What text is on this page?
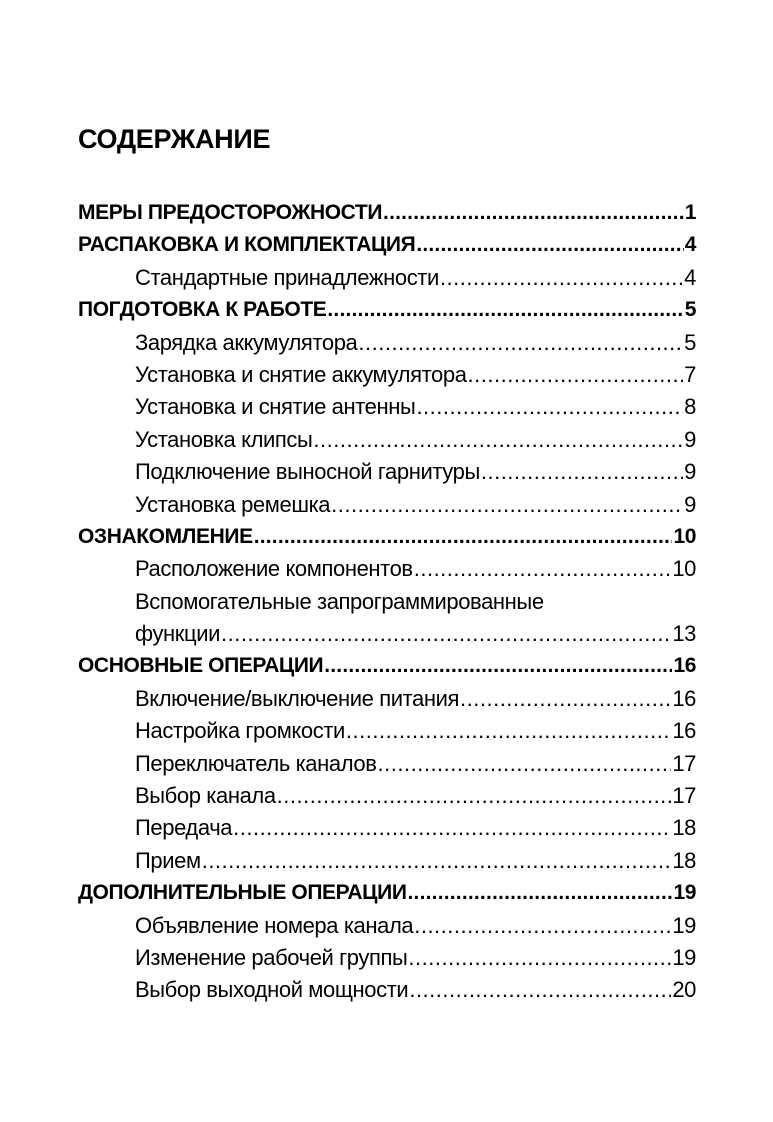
СОДЕРЖАНИЕ
МЕРЫ ПРЕДОСТОРОЖНОСТИ .....	1
РАСПАКОВКА И КОМПЛЕКТАЦИЯ .....	4
Стандартные принадлежности .....	4
ПОГДОТОВКА К РАБОТЕ .....	5
Зарядка аккумулятора .....	5
Установка и снятие аккумулятора .....	7
Установка и снятие антенны .....	8
Установка клипсы .....	9
Подключение выносной гарнитуры .....	9
Установка ремешка .....	9
ОЗНАКОМЛЕНИЕ .....	10
Расположение компонентов .....	10
Вспомогательные запрограммированные
функции .....	13
ОСНОВНЫЕ ОПЕРАЦИИ .....	16
Включение/выключение питания .....	16
Настройка громкости .....	16
Переключатель каналов .....	17
Выбор канала .....	17
Передача .....	18
Прием .....	18
ДОПОЛНИТЕЛЬНЫЕ ОПЕРАЦИИ .....	19
Объявление номера канала .....	19
Изменение рабочей группы .....	19
Выбор выходной мощности .....	20
